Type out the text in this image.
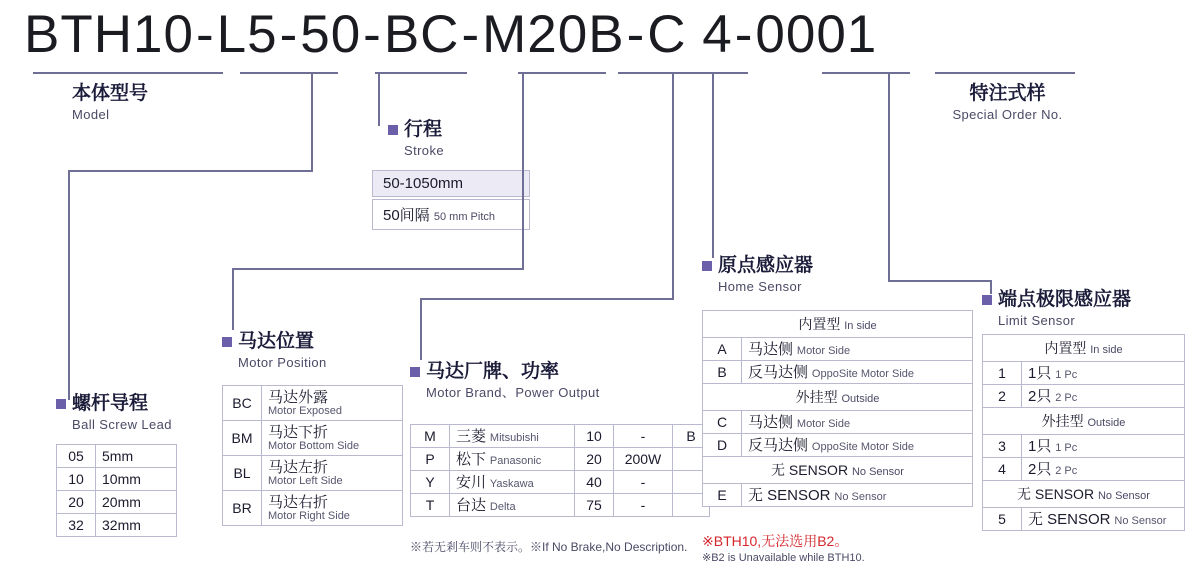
BTH10-L5-50-BC-M20B-C 4-0001
本体型号
Model
特注式样
Special Order No.
行程
Stroke
50-1050mm
50间隔 50 mm Pitch
螺杆导程
Ball Screw Lead
05	5mm
10	10mm
20	20mm
32	32mm
马达位置
Motor Position
BC	马达外露
Motor Exposed

BM	马达下折
Motor Bottom Side

BL	马达左折
Motor Left Side

BR	马达右折
Motor Right Side
马达厂牌、功率
Motor Brand、Power Output
M	三菱 Mitsubishi	10	-	B
P	松下 Panasonic	20	200W	
Y	安川 Yaskawa	40	-	
T	台达 Delta	75	-	
※若无剎车则不表示。※If No Brake,No Description.
原点感应器
Home Sensor
内置型 In side	
A	马达侧 Motor Side
B	反马达侧 OppoSite Motor Side
外挂型 Outside	
C	马达侧 Motor Side
D	反马达侧 OppoSite Motor Side
无 SENSOR No Sensor	
E	无 SENSOR No Sensor
※BTH10,无法选用B2。
※B2 is Unavailable while BTH10.
端点极限感应器
Limit Sensor
内置型 In side	
1	1只 1 Pc
2	2只 2 Pc
外挂型 Outside	
3	1只 1 Pc
4	2只 2 Pc
无 SENSOR No Sensor	
5	无 SENSOR No Sensor
